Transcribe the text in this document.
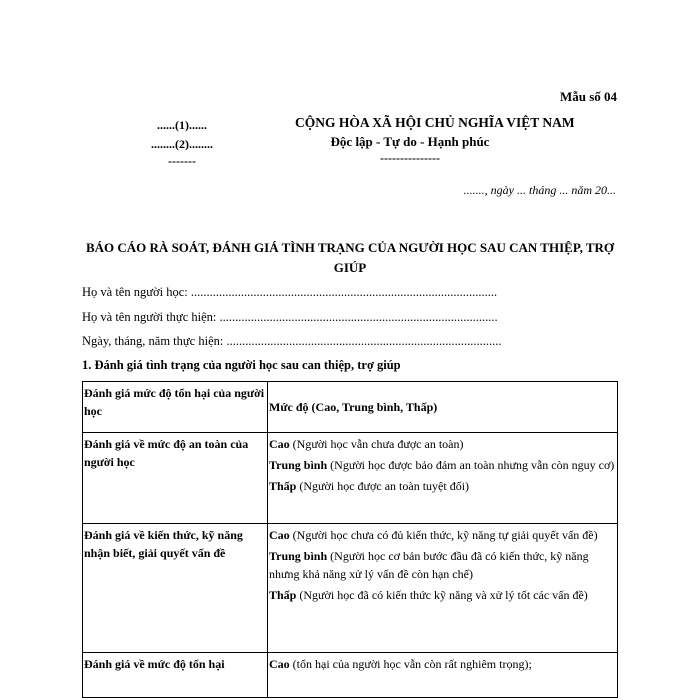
Mẫu số 04
......(1)......
........(2)........
-------
CỘNG HÒA XÃ HỘI CHỦ NGHĨA VIỆT NAM
Độc lập - Tự do - Hạnh phúc
---------------
......., ngày ... tháng ... năm 20...
BÁO CÁO RÀ SOÁT, ĐÁNH GIÁ TÌNH TRẠNG CỦA NGƯỜI HỌC SAU CAN THIỆP, TRỢ GIÚP
Họ và tên người học: ..................................................................................................
Họ và tên người thực hiện: .........................................................................................
Ngày, tháng, năm thực hiện: ........................................................................................
1. Đánh giá tình trạng của người học sau can thiệp, trợ giúp
Đánh giá mức độ tổn hại của người học	Mức độ (Cao, Trung bình, Thấp)
Đánh giá về mức độ an toàn của người học	Cao (Người học vẫn chưa được an toàn)
Trung bình (Người học được bảo đảm an toàn nhưng vẫn còn nguy cơ)
Thấp (Người học được an toàn tuyệt đối)

Đánh giá về kiến thức, kỹ năng nhận biết, giải quyết vấn đề	Cao (Người học chưa có đủ kiến thức, kỹ năng tự giải quyết vấn đề)
Trung bình (Người học cơ bản bước đầu đã có kiến thức, kỹ năng nhưng khả năng xử lý vấn đề còn hạn chế)
Thấp (Người học đã có kiến thức kỹ năng và xử lý tốt các vấn đề)

Đánh giá về mức độ tổn hại	Cao (tổn hại của người học vẫn còn rất nghiêm trọng);
